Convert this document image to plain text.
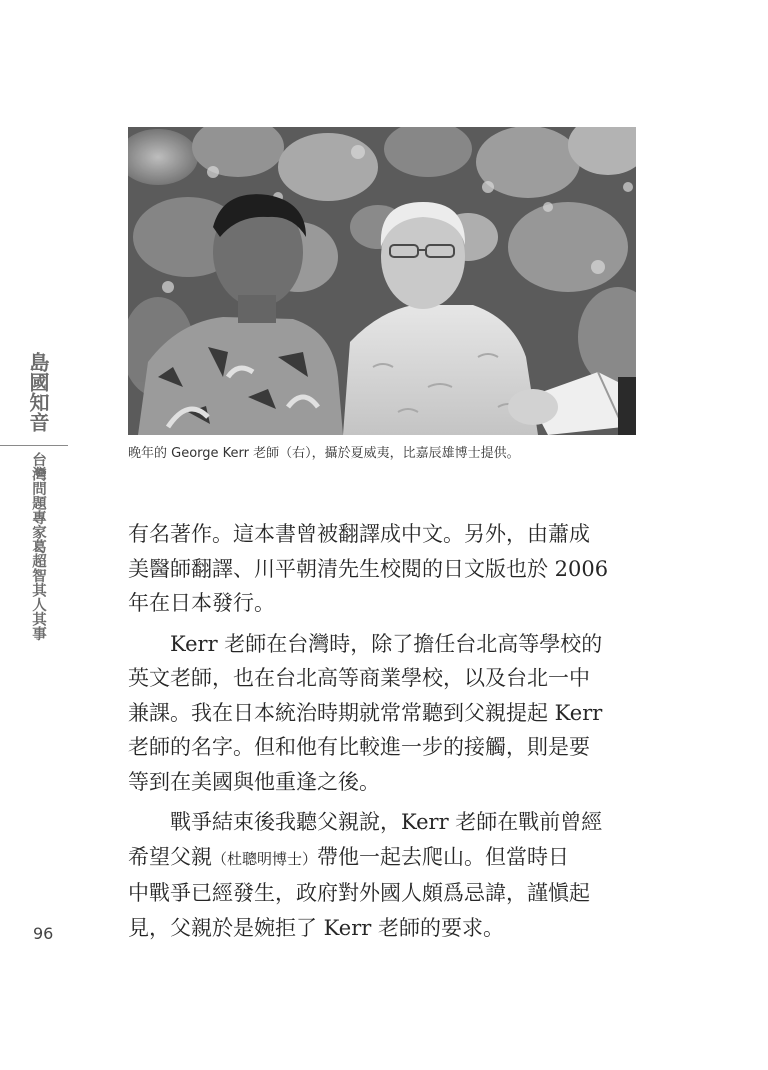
島國知音
台灣問題專家葛超智其人其事	晚年的 George Kerr 老師（右），攝於夏威夷，比嘉辰雄博士提供。

有名著作。這本書曾被翻譯成中文。另外，由蕭成
美醫師翻譯、川平朝清先生校閱的日文版也於 2006
年在日本發行。

Kerr 老師在台灣時，除了擔任台北高等學校的
英文老師，也在台北高等商業學校，以及台北一中
兼課。我在日本統治時期就常常聽到父親提起 Kerr
老師的名字。但和他有比較進一步的接觸，則是要
等到在美國與他重逢之後。

戰爭結束後我聽父親說，Kerr 老師在戰前曾經
希望父親（杜聰明博士）帶他一起去爬山。但當時日
中戰爭已經發生，政府對外國人頗爲忌諱，謹愼起
見，父親於是婉拒了 Kerr 老師的要求。

96
